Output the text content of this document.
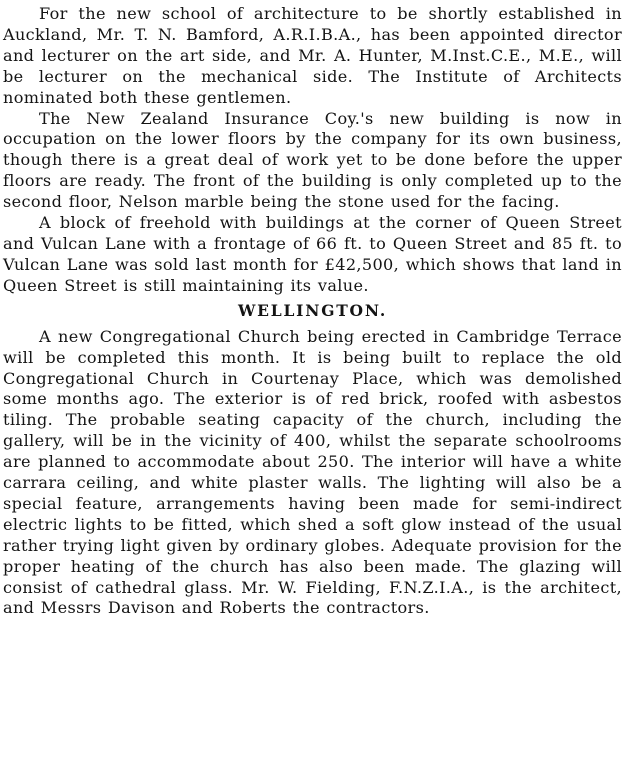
For the new school of architecture to be shortly established in Auckland, Mr. T. N. Bamford, A.R.I.B.A., has been appointed director and lecturer on the art side, and Mr. A. Hunter, M.Inst.C.E., M.E., will be lecturer on the mechanical side. The Institute of Architects nominated both these gentlemen.

The New Zealand Insurance Coy.'s new building is now in occupation on the lower floors by the company for its own business, though there is a great deal of work yet to be done before the upper floors are ready. The front of the building is only completed up to the second floor, Nelson marble being the stone used for the facing.

A block of freehold with buildings at the corner of Queen Street and Vulcan Lane with a frontage of 66 ft. to Queen Street and 85 ft. to Vulcan Lane was sold last month for £42,500, which shows that land in Queen Street is still maintaining its value.

WELLINGTON.

A new Congregational Church being erected in Cambridge Terrace will be completed this month. It is being built to replace the old Congregational Church in Courtenay Place, which was demolished some months ago. The exterior is of red brick, roofed with asbestos tiling. The probable seating capacity of the church, including the gallery, will be in the vicinity of 400, whilst the separate schoolrooms are planned to accommodate about 250. The interior will have a white carrara ceiling, and white plaster walls. The lighting will also be a special feature, arrangements having been made for semi-indirect electric lights to be fitted, which shed a soft glow instead of the usual rather trying light given by ordinary globes. Adequate provision for the proper heating of the church has also been made. The glazing will consist of cathedral glass. Mr. W. Fielding, F.N.Z.I.A., is the architect, and Messrs Davison and Roberts the contractors.
